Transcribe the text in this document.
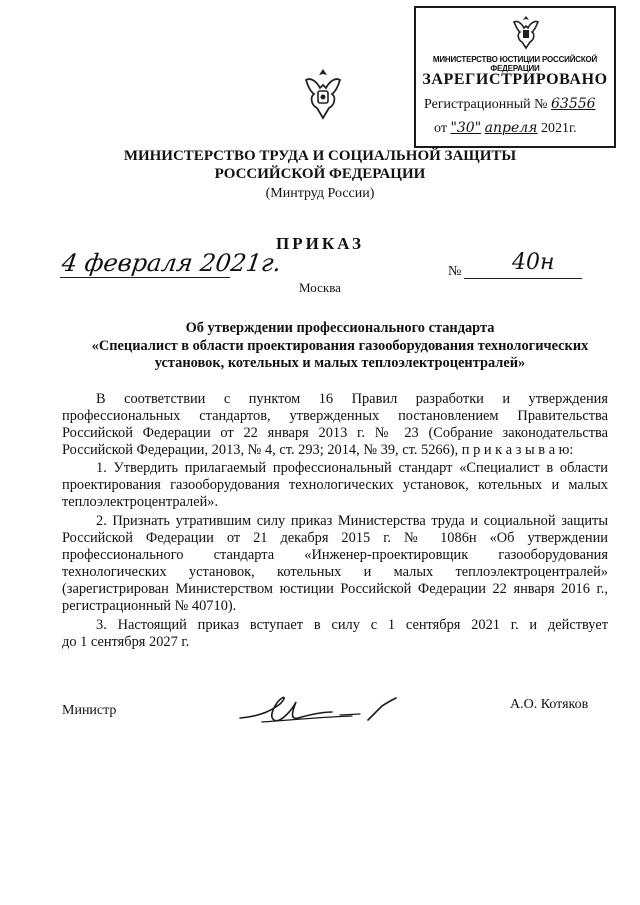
МИНИСТЕРСТВО ЮСТИЦИИ РОССИЙСКОЙ ФЕДЕРАЦИИ
ЗАРЕГИСТРИРОВАНО
Регистрационный № 63556
от "30" апреля 2021г.
МИНИСТЕРСТВО ТРУДА И СОЦИАЛЬНОЙ ЗАЩИТЫ
РОССИЙСКОЙ ФЕДЕРАЦИИ
(Минтруд России)
ПРИКАЗ
4 февраля 2021г.	№ 40н
Москва
Об утверждении профессионального стандарта
«Специалист в области проектирования газооборудования технологических
установок, котельных и малых теплоэлектроцентралей»
В соответствии с пунктом 16 Правил разработки и утверждения
профессиональных стандартов, утвержденных постановлением Правительства
Российской Федерации от 22 января 2013 г. № 23 (Собрание законодательства
Российской Федерации, 2013, № 4, ст. 293; 2014, № 39, ст. 5266), п р и к а з ы в а ю:
1. Утвердить прилагаемый профессиональный стандарт «Специалист в области
проектирования газооборудования технологических установок, котельных и малых
теплоэлектроцентралей».
2. Признать утратившим силу приказ Министерства труда и социальной защиты
Российской Федерации от 21 декабря 2015 г. № 1086н «Об утверждении
профессионального стандарта «Инженер-проектировщик газооборудования
технологических установок, котельных и малых теплоэлектроцентралей»
(зарегистрирован Министерством юстиции Российской Федерации 22 января 2016 г.,
регистрационный № 40710).
3. Настоящий приказ вступает в силу с 1 сентября 2021 г. и действует
до 1 сентября 2027 г.
Министр	А.О. Котяков
